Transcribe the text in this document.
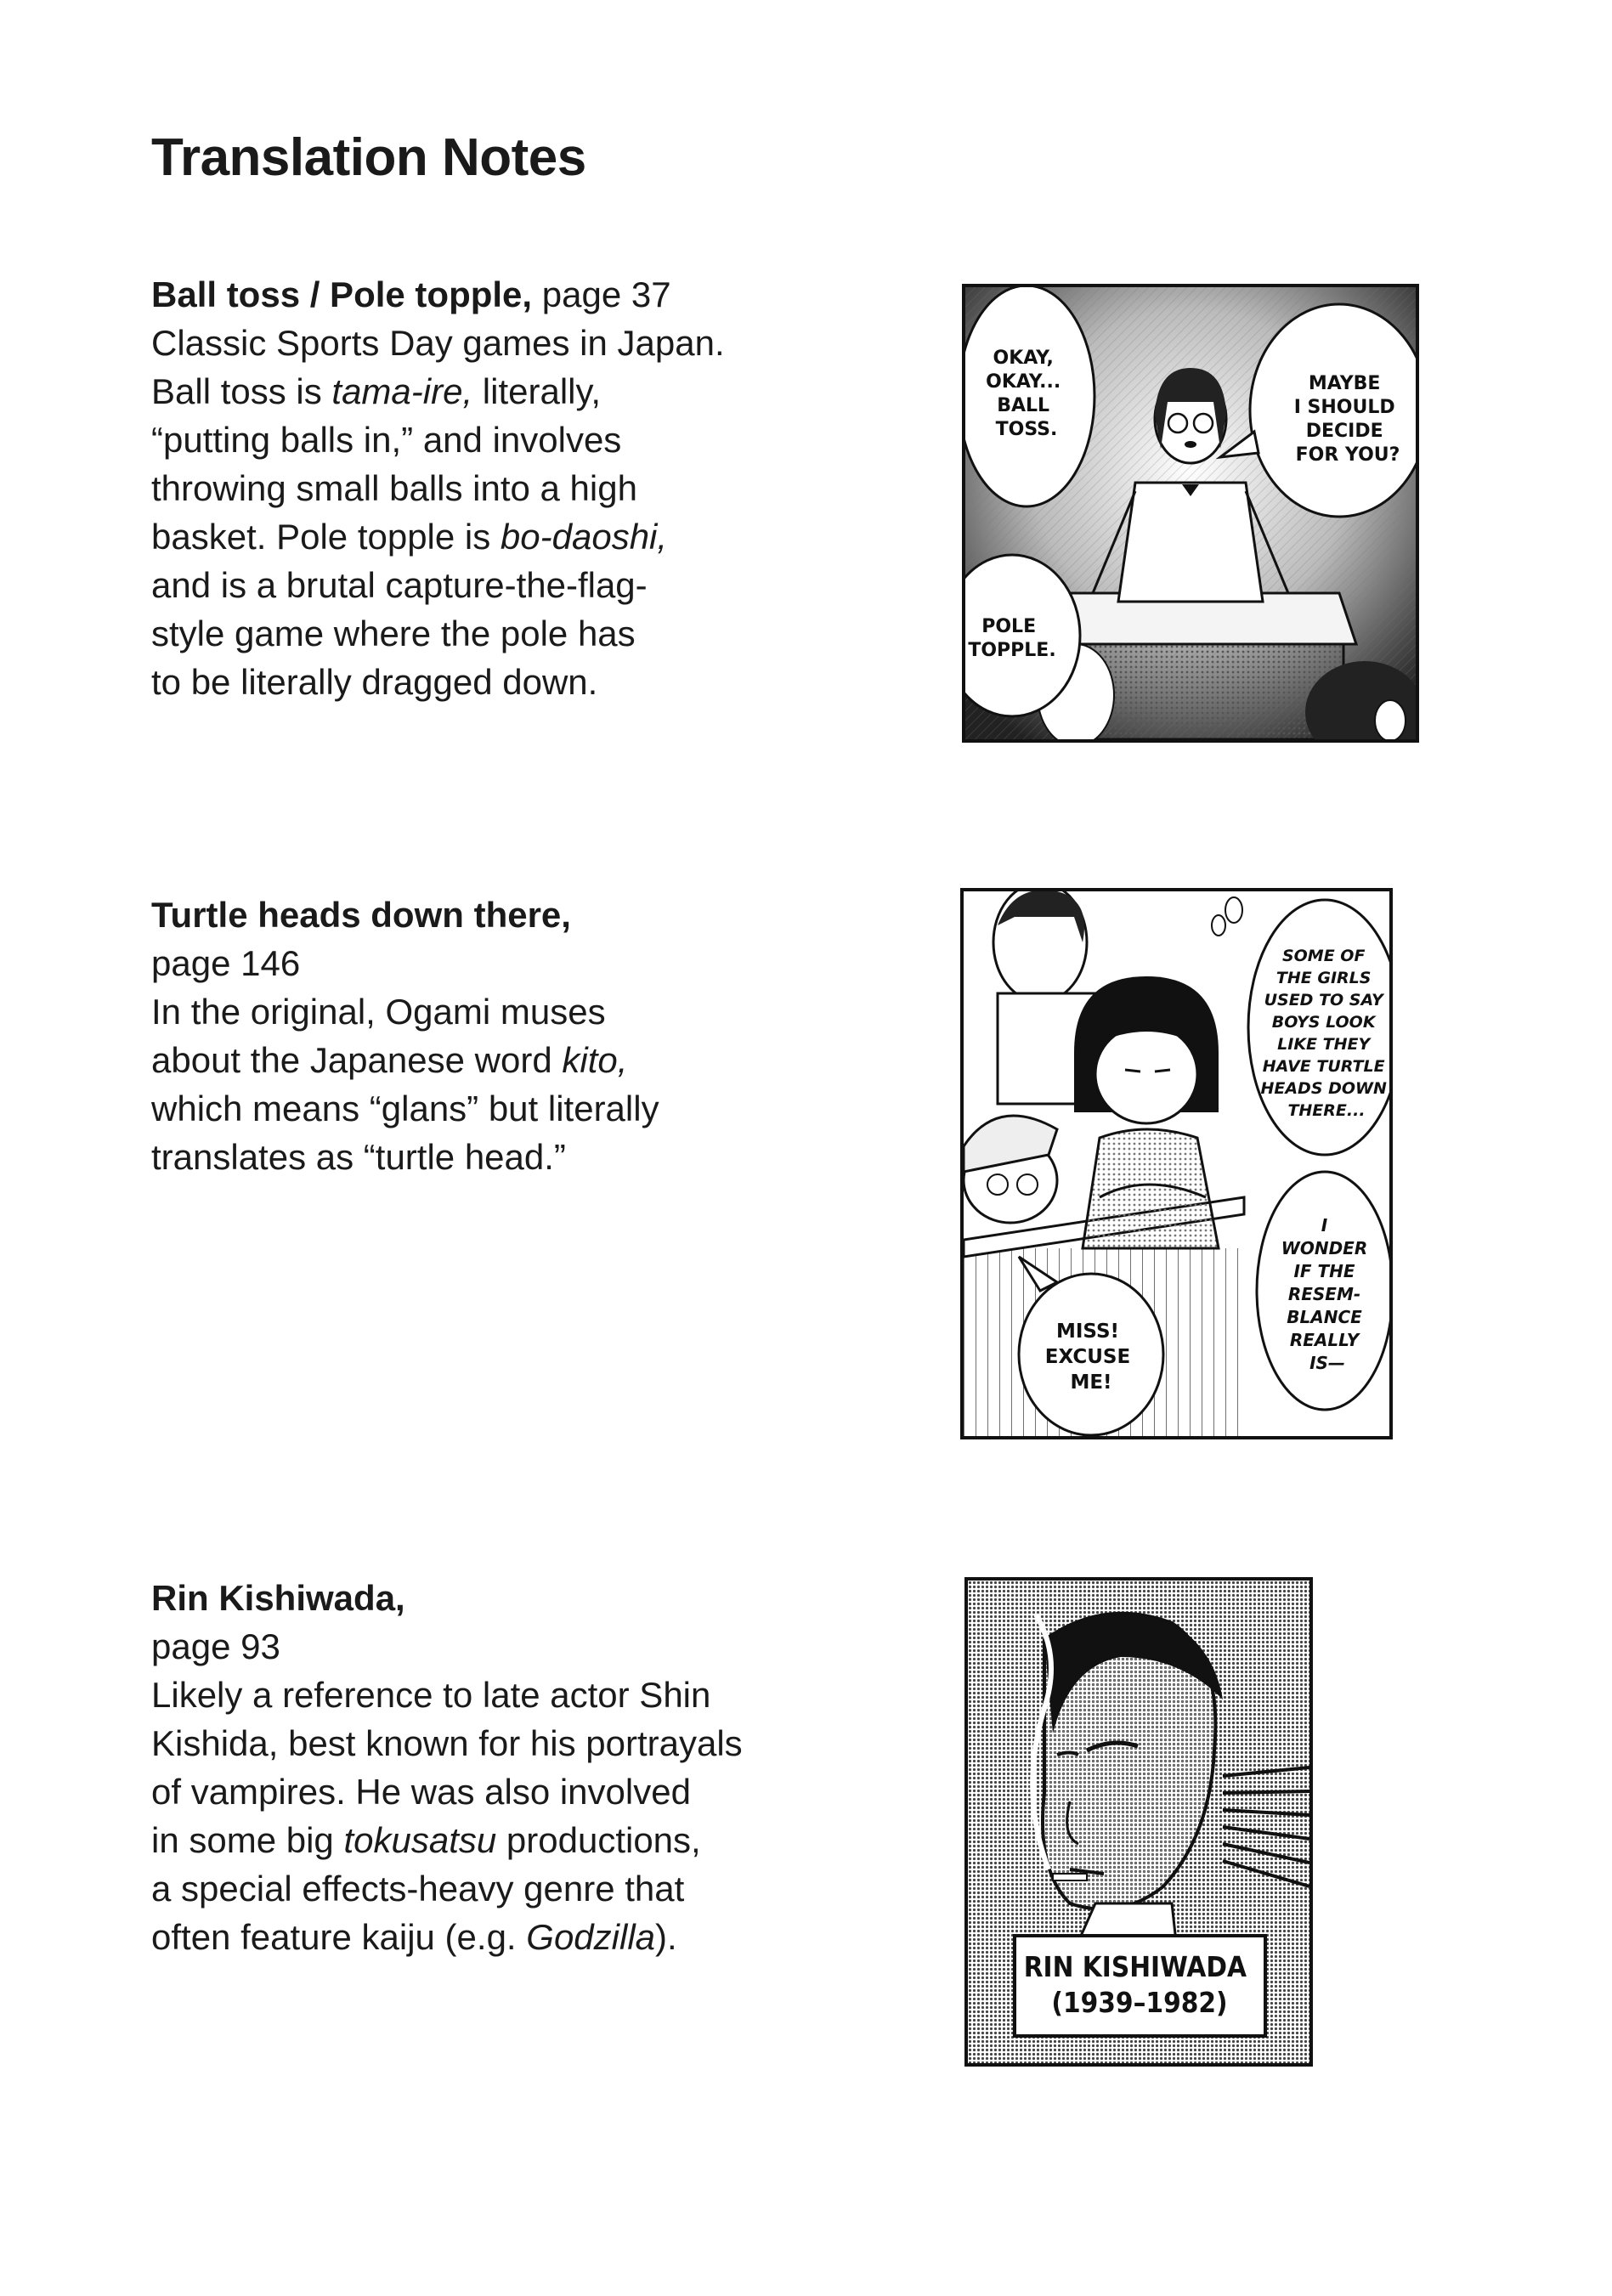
Translation Notes
Ball toss / Pole topple, page 37
Classic Sports Day games in Japan.
Ball toss is tama-ire, literally,
“putting balls in,” and involves
throwing small balls into a high
basket. Pole topple is bo-daoshi,
and is a brutal capture-the-flag-
style game where the pole has
to be literally dragged down.
OKAY, OKAY... BALL TOSS.
MAYBE I SHOULD DECIDE FOR YOU?
POLE TOPPLE.
Turtle heads down there,
page 146
In the original, Ogami muses
about the Japanese word kito,
which means “glans” but literally
translates as “turtle head.”
SOME OF THE GIRLS USED TO SAY BOYS LOOK LIKE THEY HAVE TURTLE HEADS DOWN THERE...
I WONDER IF THE RESEM- BLANCE REALLY IS—
MISS! EXCUSE ME!
Rin Kishiwada,
page 93
Likely a reference to late actor Shin
Kishida, best known for his portrayals
of vampires. He was also involved
in some big tokusatsu productions,
a special effects-heavy genre that
often feature kaiju (e.g. Godzilla).
RIN KISHIWADA (1939–1982)
